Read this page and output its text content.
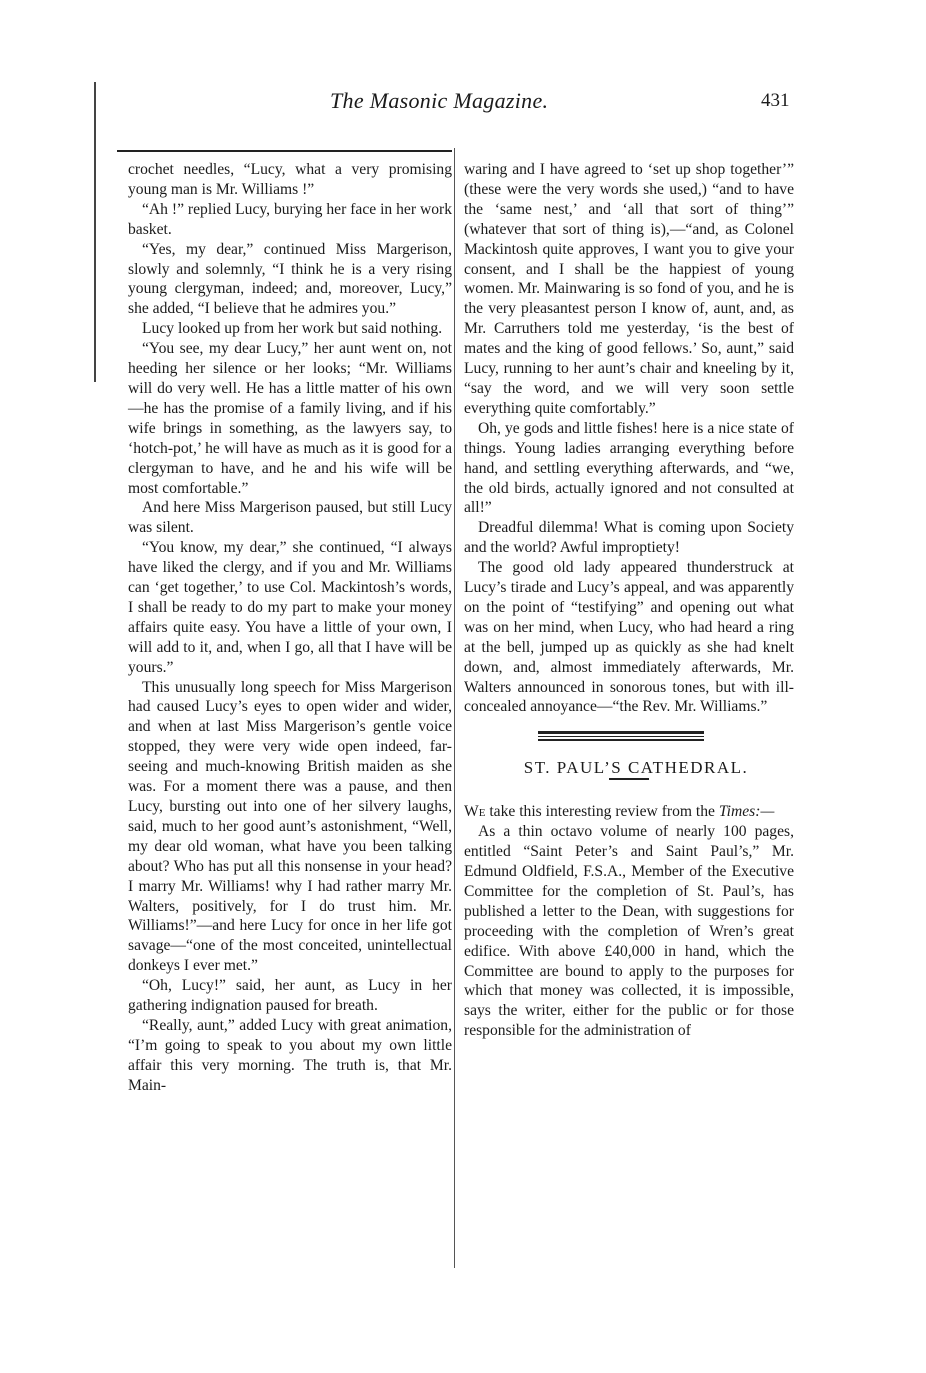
The Masonic Magazine.	431

crochet needles, “Lucy, what a very promising young man is Mr. Williams !”

“Ah !” replied Lucy, burying her face in her work basket.

“Yes, my dear,” continued Miss Margerison, slowly and solemnly, “I think he is a very rising young clergyman, indeed; and, moreover, Lucy,” she added, “I believe that he admires you.”

Lucy looked up from her work but said nothing.

“You see, my dear Lucy,” her aunt went on, not heeding her silence or her looks; “Mr. Williams will do very well. He has a little matter of his own—he has the promise of a family living, and if his wife brings in something, as the lawyers say, to ‘hotch-pot,’ he will have as much as it is good for a clergyman to have, and he and his wife will be most comfortable.”

And here Miss Margerison paused, but still Lucy was silent.

“You know, my dear,” she continued, “I always have liked the clergy, and if you and Mr. Williams can ‘get together,’ to use Col. Mackintosh’s words, I shall be ready to do my part to make your money affairs quite easy. You have a little of your own, I will add to it, and, when I go, all that I have will be yours.”

This unusually long speech for Miss Margerison had caused Lucy’s eyes to open wider and wider, and when at last Miss Margerison’s gentle voice stopped, they were very wide open indeed, far-seeing and much-knowing British maiden as she was. For a moment there was a pause, and then Lucy, bursting out into one of her silvery laughs, said, much to her good aunt’s astonishment, “Well, my dear old woman, what have you been talking about? Who has put all this nonsense in your head? I marry Mr. Williams! why I had rather marry Mr. Walters, positively, for I do trust him. Mr. Williams!”—and here Lucy for once in her life got savage—“one of the most conceited, unintellectual donkeys I ever met.”

“Oh, Lucy!” said, her aunt, as Lucy in her gathering indignation paused for breath.

“Really, aunt,” added Lucy with great animation, “I’m going to speak to you about my own little affair this very morning. The truth is, that Mr. Main-

waring and I have agreed to ‘set up shop together’” (these were the very words she used,) “and to have the ‘same nest,’ and ‘all that sort of thing’” (whatever that sort of thing is),—“and, as Colonel Mackintosh quite approves, I want you to give your consent, and I shall be the happiest of young women. Mr. Mainwaring is so fond of you, and he is the very pleasantest person I know of, aunt, and, as Mr. Carruthers told me yesterday, ‘is the best of mates and the king of good fellows.’ So, aunt,” said Lucy, running to her aunt’s chair and kneeling by it, “say the word, and we will very soon settle everything quite comfortably.”

Oh, ye gods and little fishes! here is a nice state of things. Young ladies arranging everything before hand, and settling everything afterwards, and “we, the old birds, actually ignored and not consulted at all!”

Dreadful dilemma! What is coming upon Society and the world? Awful improptiety!

The good old lady appeared thunderstruck at Lucy’s tirade and Lucy’s appeal, and was apparently on the point of “testifying” and opening out what was on her mind, when Lucy, who had heard a ring at the bell, jumped up as quickly as she had knelt down, and, almost immediately afterwards, Mr. Walters announced in sonorous tones, but with ill-concealed annoyance—“the Rev. Mr. Williams.”

ST. PAUL’S CATHEDRAL.

We take this interesting review from the Times:—

As a thin octavo volume of nearly 100 pages, entitled “Saint Peter’s and Saint Paul’s,” Mr. Edmund Oldfield, F.S.A., Member of the Executive Committee for the completion of St. Paul’s, has published a letter to the Dean, with suggestions for proceeding with the completion of Wren’s great edifice. With above £40,000 in hand, which the Committee are bound to apply to the purposes for which that money was collected, it is impossible, says the writer, either for the public or for those responsible for the administration of
